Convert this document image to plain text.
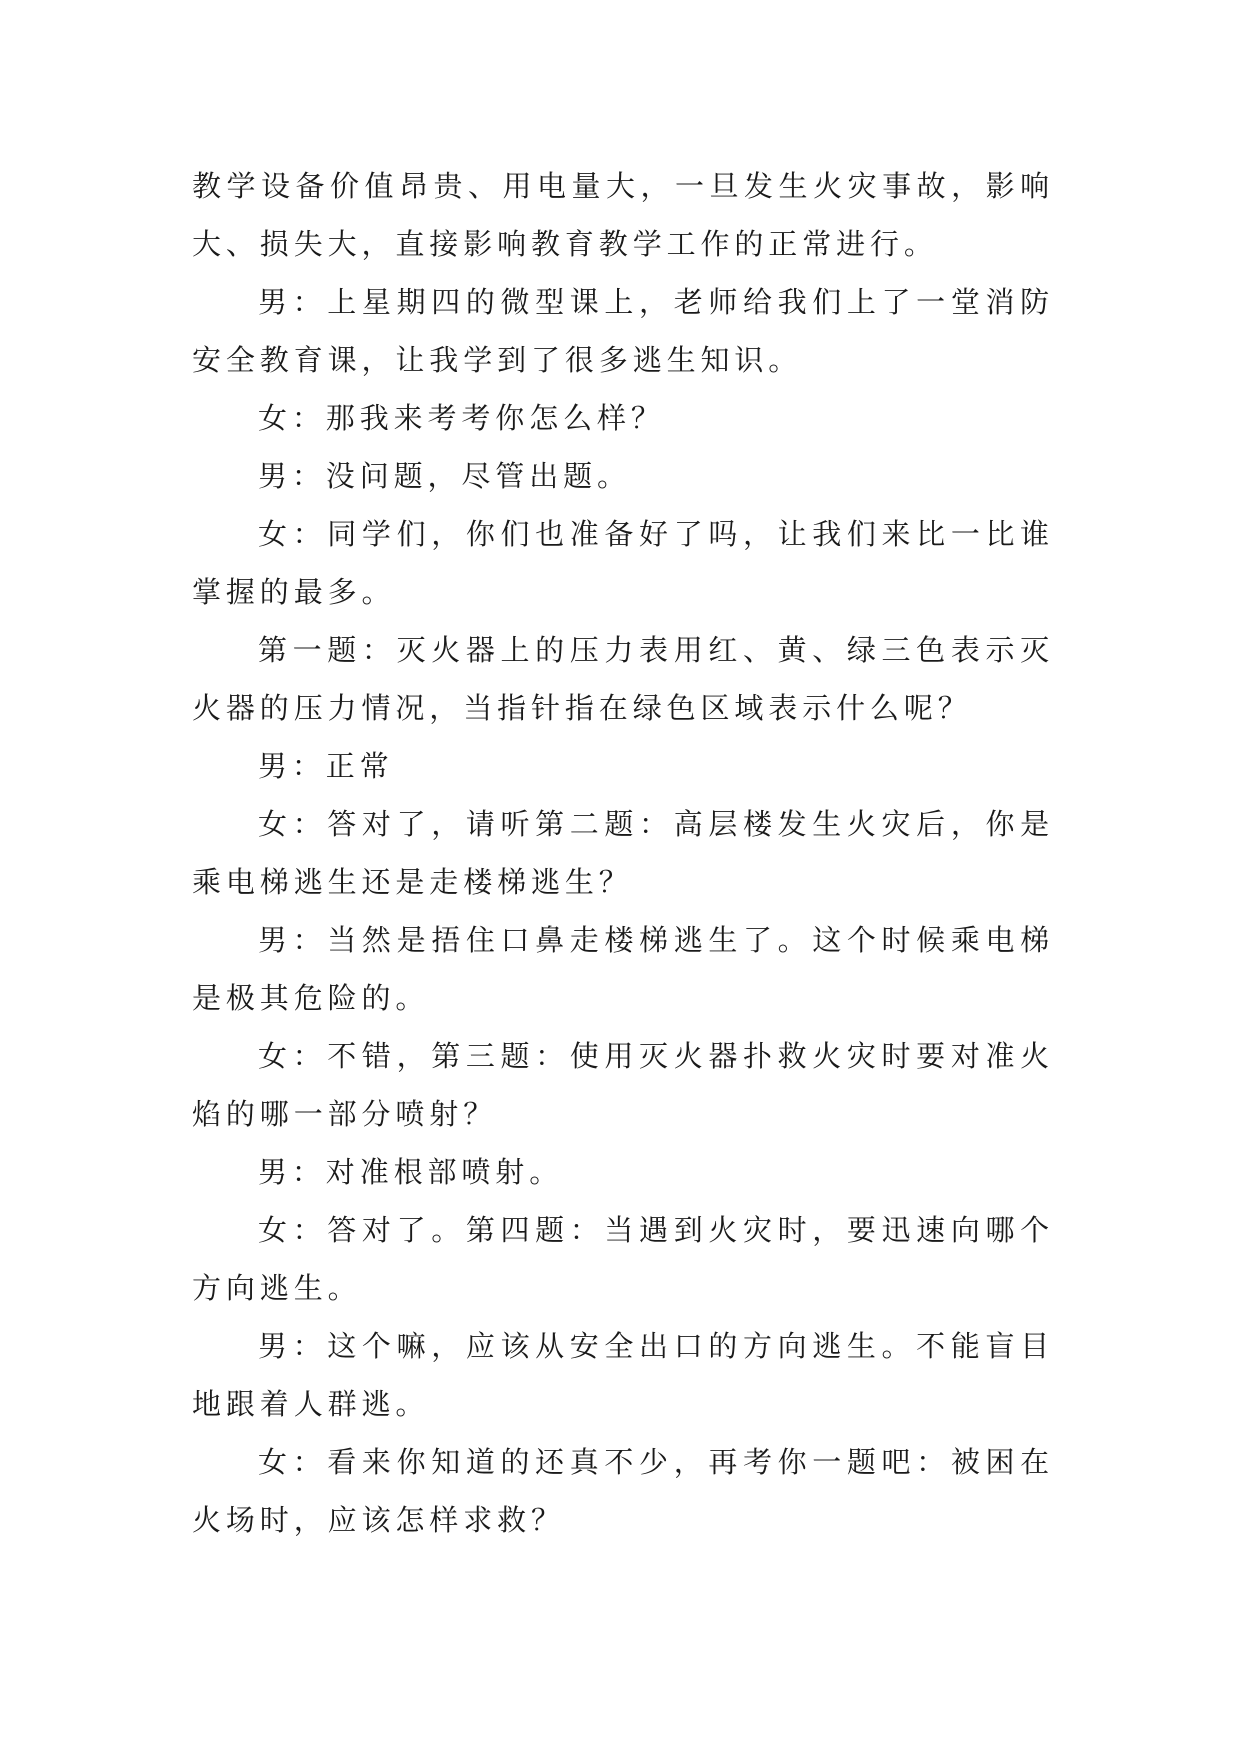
教学设备价值昂贵、用电量大，一旦发生火灾事故，影响大、损失大，直接影响教育教学工作的正常进行。

男：上星期四的微型课上，老师给我们上了一堂消防安全教育课，让我学到了很多逃生知识。

女：那我来考考你怎么样？

男：没问题，尽管出题。

女：同学们，你们也准备好了吗，让我们来比一比谁掌握的最多。

第一题：灭火器上的压力表用红、黄、绿三色表示灭火器的压力情况，当指针指在绿色区域表示什么呢？

男：正常

女：答对了，请听第二题：高层楼发生火灾后，你是乘电梯逃生还是走楼梯逃生？

男：当然是捂住口鼻走楼梯逃生了。这个时候乘电梯是极其危险的。

女：不错，第三题：使用灭火器扑救火灾时要对准火焰的哪一部分喷射？

男：对准根部喷射。

女：答对了。第四题：当遇到火灾时，要迅速向哪个方向逃生。

男：这个嘛，应该从安全出口的方向逃生。不能盲目地跟着人群逃。

女：看来你知道的还真不少，再考你一题吧：被困在火场时，应该怎样求救？
